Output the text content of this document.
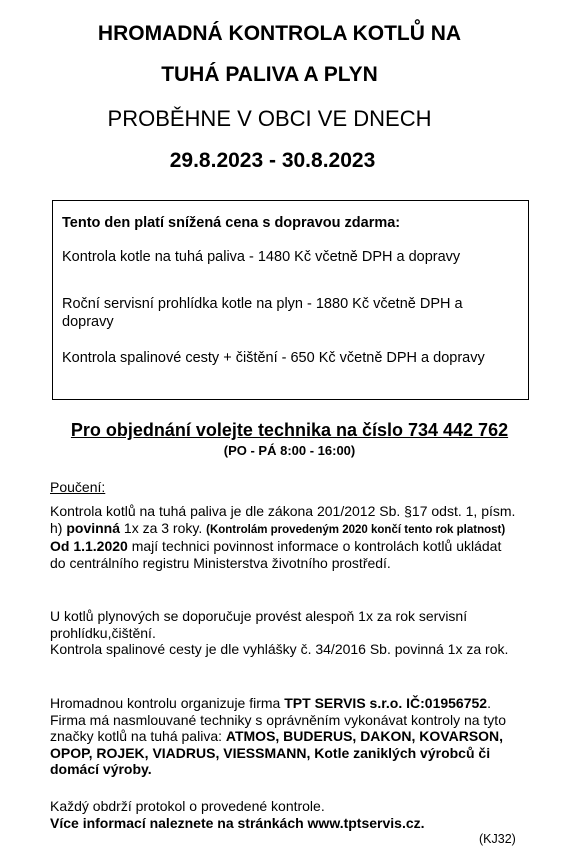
HROMADNÁ KONTROLA KOTLŮ NA
TUHÁ PALIVA A PLYN
PROBĚHNE V OBCI VE DNECH
29.8.2023 - 30.8.2023
Tento den platí snížená cena s dopravou zdarma:
Kontrola kotle na tuhá paliva - 1480 Kč včetně DPH a dopravy
Roční servisní prohlídka kotle na plyn - 1880 Kč včetně DPH a dopravy
Kontrola spalinové cesty + čištění - 650 Kč včetně DPH a dopravy
Pro objednání volejte technika na číslo 734 442 762
(PO - PÁ 8:00 - 16:00)

Poučení:

Kontrola kotlů na tuhá paliva je dle zákona 201/2012 Sb. §17 odst. 1, písm. h) povinná 1x za 3 roky. (Kontrolám provedeným 2020 končí tento rok platnost)
Od 1.1.2020 mají technici povinnost informace o kontrolách kotlů ukládat do centrálního registru Ministerstva životního prostředí.

U kotlů plynových se doporučuje provést alespoň 1x za rok servisní prohlídku,čištění.
Kontrola spalinové cesty je dle vyhlášky č. 34/2016 Sb. povinná 1x za rok.

Hromadnou kontrolu organizuje firma TPT SERVIS s.r.o. IČ:01956752.
Firma má nasmlouvané techniky s oprávněním vykonávat kontroly na tyto značky kotlů na tuhá paliva: ATMOS, BUDERUS, DAKON, KOVARSON, OPOP, ROJEK, VIADRUS, VIESSMANN, Kotle zaniklých výrobců či domácí výroby.

Každý obdrží protokol o provedené kontrole.
Více informací naleznete na stránkách www.tptservis.cz.

(KJ32)
